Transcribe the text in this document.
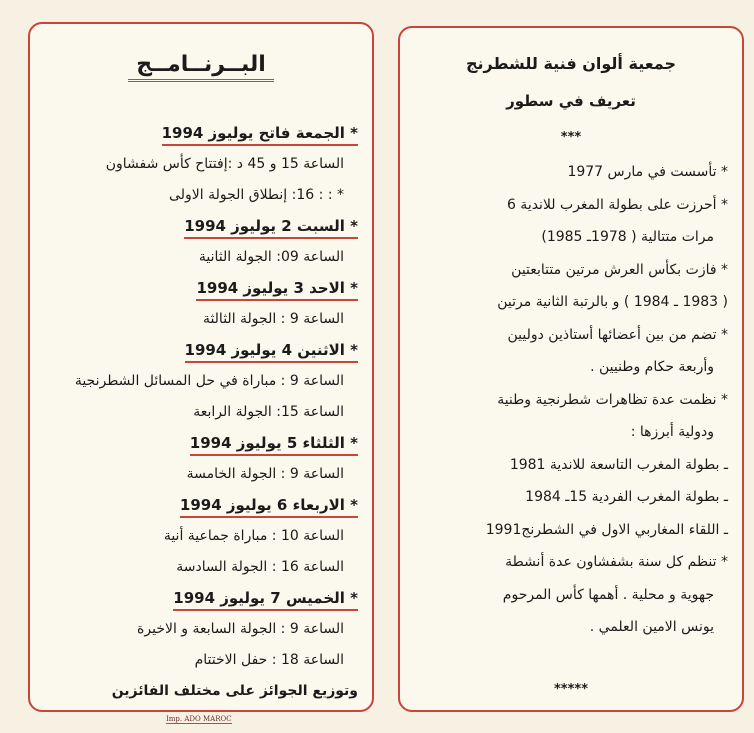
البــرنــامــج
* الجمعة فاتح يوليوز 1994
الساعة 15 و 45 د :إفتتاح كأس شفشاون
* : : 16: إنطلاق الجولة الاولى
* السبت 2 يوليوز 1994
الساعة 09: الجولة الثانية
* الاحد 3 يوليوز 1994
الساعة 9 : الجولة الثالثة
* الاثنين 4 يوليوز 1994
الساعة 9 : مباراة في حل المسائل الشطرنجية
الساعة 15: الجولة الرابعة
* الثلثاء 5 يوليوز 1994
الساعة 9 : الجولة الخامسة
* الاربعاء 6 يوليوز 1994
الساعة 10 : مباراة جماعية أنية
الساعة 16 : الجولة السادسة
* الخميس 7 يوليوز 1994
الساعة 9 : الجولة السابعة و الاخيرة
الساعة 18 : حفل الاختتام
وتوزيع الجوائز على مختلف الفائزين
Imp. ADO MAROC
جمعية ألوان فنية للشطرنج
تعريف في سطور
***
* تأسست في مارس 1977
* أحرزت على بطولة المغرب للاندية 6
مرات متتالية ( 1978ـ 1985)
* فازت بكأس العرش مرتين متتابعتين
( 1983 ـ 1984 ) و بالرتبة الثانية مرتين
* تضم من بين أعضائها أستاذين دوليين
وأربعة حكام وطنيين .
* نظمت عدة تظاهرات شطرنجية وطنية
ودولية أبرزها :
ـ بطولة المغرب التاسعة للاندية 1981
ـ بطولة المغرب الفردية 15ـ 1984
ـ اللقاء المغاربي الاول في الشطرنج1991
* تنظم كل سنة بشفشاون عدة أنشطة
جهوية و محلية . أهمها كأس المرحوم
يونس الامين العلمي .
*****
